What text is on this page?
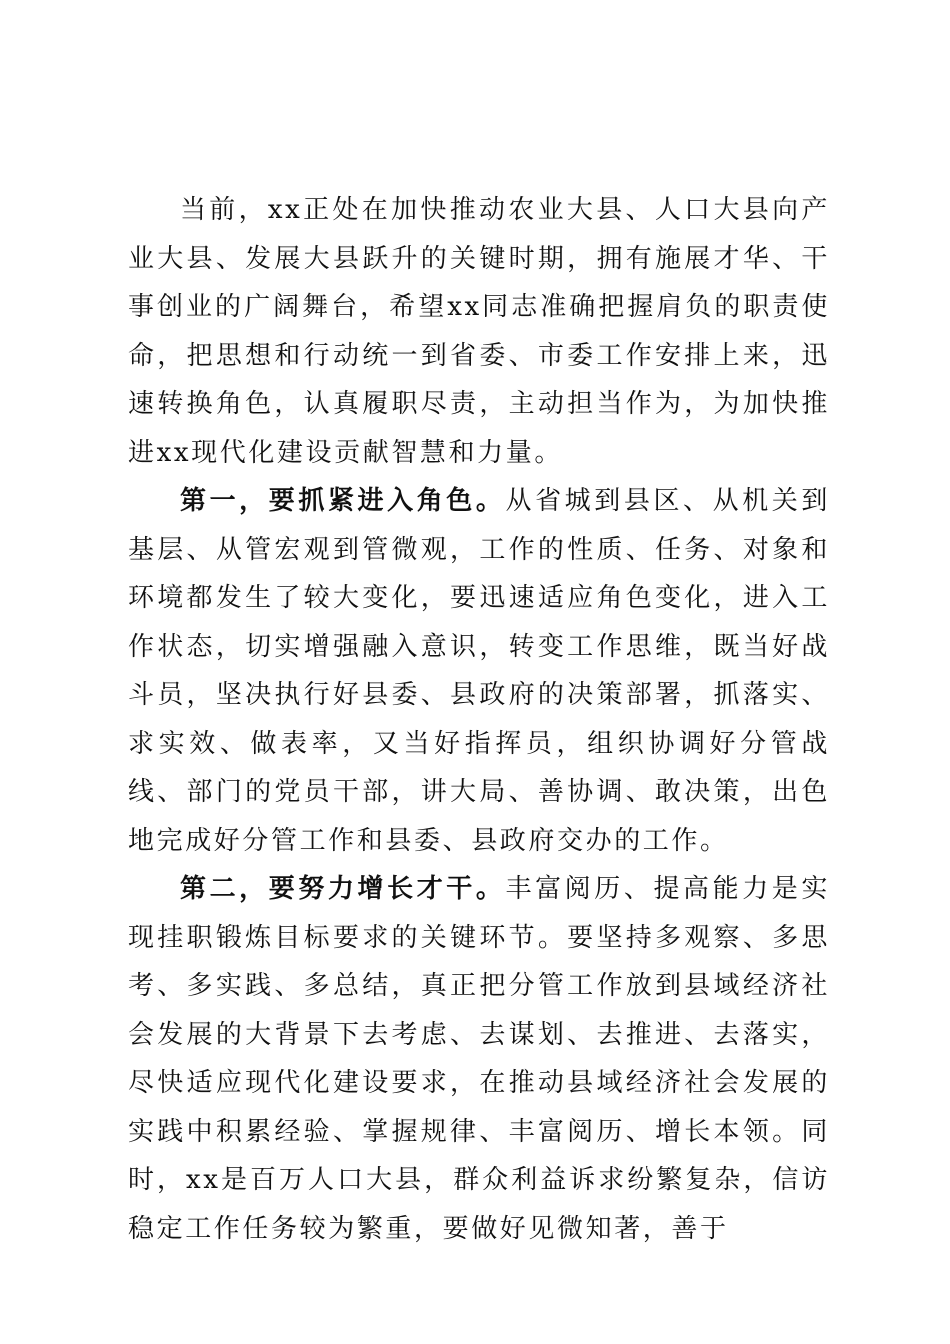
当前，xx正处在加快推动农业大县、人口大县向产业大县、发展大县跃升的关键时期，拥有施展才华、干事创业的广阔舞台，希望xx同志准确把握肩负的职责使命，把思想和行动统一到省委、市委工作安排上来，迅速转换角色，认真履职尽责，主动担当作为，为加快推进xx现代化建设贡献智慧和力量。

第一，要抓紧进入角色。从省城到县区、从机关到基层、从管宏观到管微观，工作的性质、任务、对象和环境都发生了较大变化，要迅速适应角色变化，进入工作状态，切实增强融入意识，转变工作思维，既当好战斗员，坚决执行好县委、县政府的决策部署，抓落实、求实效、做表率，又当好指挥员，组织协调好分管战线、部门的党员干部，讲大局、善协调、敢决策，出色地完成好分管工作和县委、县政府交办的工作。

第二，要努力增长才干。丰富阅历、提高能力是实现挂职锻炼目标要求的关键环节。要坚持多观察、多思考、多实践、多总结，真正把分管工作放到县域经济社会发展的大背景下去考虑、去谋划、去推进、去落实，尽快适应现代化建设要求，在推动县域经济社会发展的实践中积累经验、掌握规律、丰富阅历、增长本领。同时，xx是百万人口大县，群众利益诉求纷繁复杂，信访稳定工作任务较为繁重，要做好见微知著，善于
